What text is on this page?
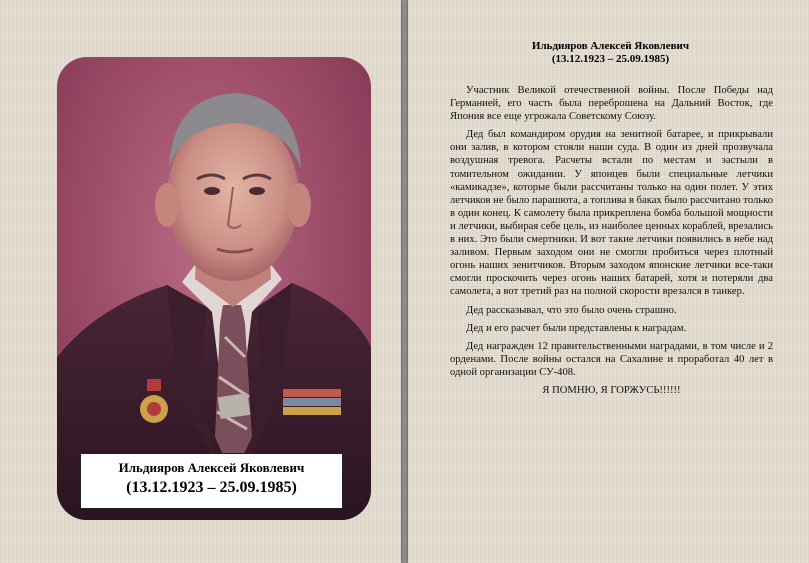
Ильдияров Алексей Яковлевич
(13.12.1923 – 25.09.1985)
Ильдияров Алексей Яковлевич
(13.12.1923 – 25.09.1985)

Участник Великой отечественной войны. После Победы над Германией, его часть была переброшена на Дальний Восток, где Япония все еще угрожала Советскому Союзу.

Дед был командиром орудия на зенитной батарее, и прикрывали они залив, в котором стояли наши суда. В один из дней прозвучала воздушная тревога. Расчеты встали по местам и застыли в томительном ожидании. У японцев были специальные летчики «камикадзе», которые были рассчитаны только на один полет. У этих летчиков не было парашюта, а топлива в баках было рассчитано только в один конец. К самолету была прикреплена бомба большой мощности и летчики, выбирая себе цель, из наиболее ценных кораблей, врезались в них. Это были смертники. И вот такие летчики появились в небе над заливом. Первым заходом они не смогли пробиться через плотный огонь наших зенитчиков. Вторым заходом японские летчики все-таки смогли проскочить через огонь наших батарей, хотя и потеряли два самолета, а вот третий раз на полной скорости врезался в танкер.

Дед рассказывал, что это было очень страшно.

Дед и его расчет были представлены к наградам.

Дед награжден 12 правительственными наградами, в том числе и 2 орденами. После войны остался на Сахалине и проработал 40 лет в одной организации СУ-408.

Я ПОМНЮ, Я ГОРЖУСЬ!!!!!!
